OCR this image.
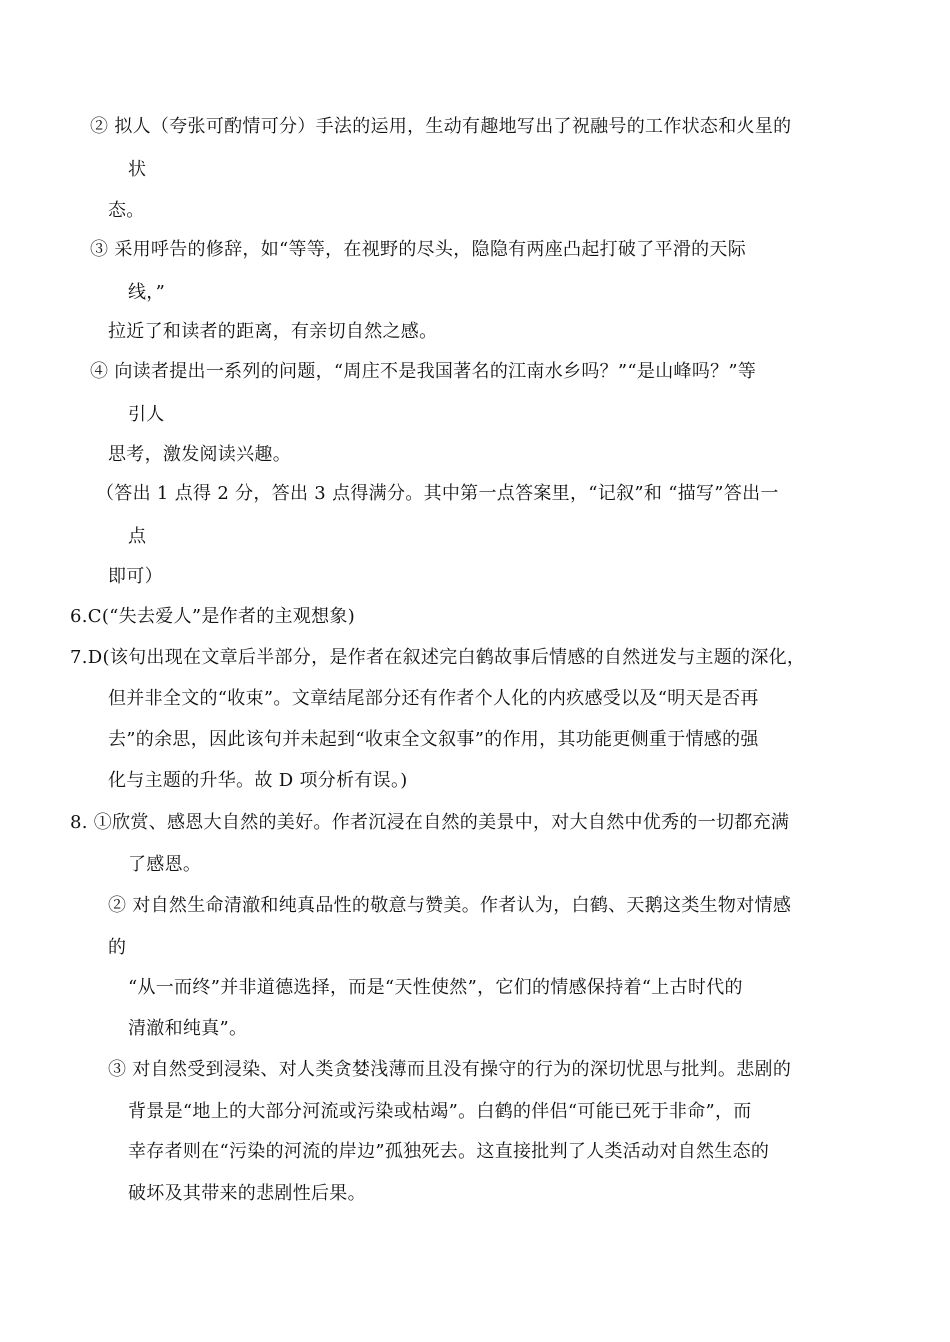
② 拟人（夸张可酌情可分）手法的运用，生动有趣地写出了祝融号的工作状态和火星的
状
态。
③ 采用呼告的修辞，如“等等，在视野的尽头，隐隐有两座凸起打破了平滑的天际
线，”
拉近了和读者的距离，有亲切自然之感。
④ 向读者提出一系列的问题，“周庄不是我国著名的江南水乡吗？”“是山峰吗？”等
引人
思考，激发阅读兴趣。
（答出 1 点得 2 分，答出 3 点得满分。其中第一点答案里，“记叙”和 “描写”答出一
点
即可）
6.C(“失去爱人”是作者的主观想象)
7.D(该句出现在文章后半部分，是作者在叙述完白鹤故事后情感的自然迸发与主题的深化，
但并非全文的“收束”。文章结尾部分还有作者个人化的内疚感受以及“明天是否再
去”的余思，因此该句并未起到“收束全文叙事”的作用，其功能更侧重于情感的强
化与主题的升华。故 D 项分析有误。)
8. ①欣赏、感恩大自然的美好。作者沉浸在自然的美景中，对大自然中优秀的一切都充满
了感恩。
② 对自然生命清澈和纯真品性的敬意与赞美。作者认为，白鹤、天鹅这类生物对情感
的
“从一而终”并非道德选择，而是“天性使然”，它们的情感保持着“上古时代的
清澈和纯真”。
③ 对自然受到浸染、对人类贪婪浅薄而且没有操守的行为的深切忧思与批判。悲剧的
背景是“地上的大部分河流或污染或枯竭”。白鹤的伴侣“可能已死于非命”，而
幸存者则在“污染的河流的岸边”孤独死去。这直接批判了人类活动对自然生态的
破坏及其带来的悲剧性后果。
